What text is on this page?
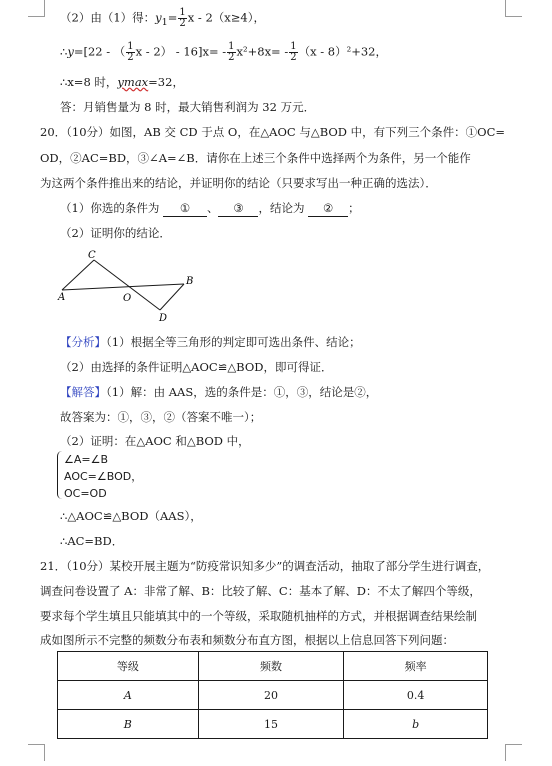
（2）由（1）得：$y_1= \frac{1}{2}$ x - 2（x≥4），
∴y=[22 - （ $\frac{1}{2}$ $x - 2) - 16]x= - \frac{1}{2} x^2+8x= - \frac{1}{2} (x - 8)^2+32$，
∴x=8 时，ymax=32，
答：月销售量为 8 时，最大销售利润为 32 万元．
20．（10分）如图，AB 交 CD 于点 O，在△AOC 与△BOD 中，有下列三个条件：①OC=
OD，②AC=BD，③∠A=∠B．请你在上述三个条件中选择两个为条件，另一个能作
为这两个条件推出来的结论，并证明你的结论（只要求写出一种正确的选法）．
（1）你选的条件为 ① 、 ③ ，结论为 ② ；
（2）证明你的结论．
C
B
A	O
D
【分析】（1）根据全等三角形的判定即可选出条件、结论；
（2）由选择的条件证明△AOC≌△BOD，即可得证．
【解答】（1）解：由 AAS，选的条件是：①，③，结论是②，
故答案为：①，③，②（答案不唯一）；
（2）证明：在△AOC 和△BOD 中，
∠A=∠B
AOC=∠BOD，
OC=OD
∴△AOC≌△BOD（AAS），
∴AC=BD．
21．（10分）某校开展主题为“防疫常识知多少”的调查活动，抽取了部分学生进行调查，
调查问卷设置了 A：非常了解、B：比较了解、C：基本了解、D：不太了解四个等级，
要求每个学生填且只能填其中的一个等级，采取随机抽样的方式，并根据调查结果绘制
成如图所示不完整的频数分布表和频数分布直方图，根据以上信息回答下列问题：
等级	频数	频率
A	20	0.4
B	15	b
